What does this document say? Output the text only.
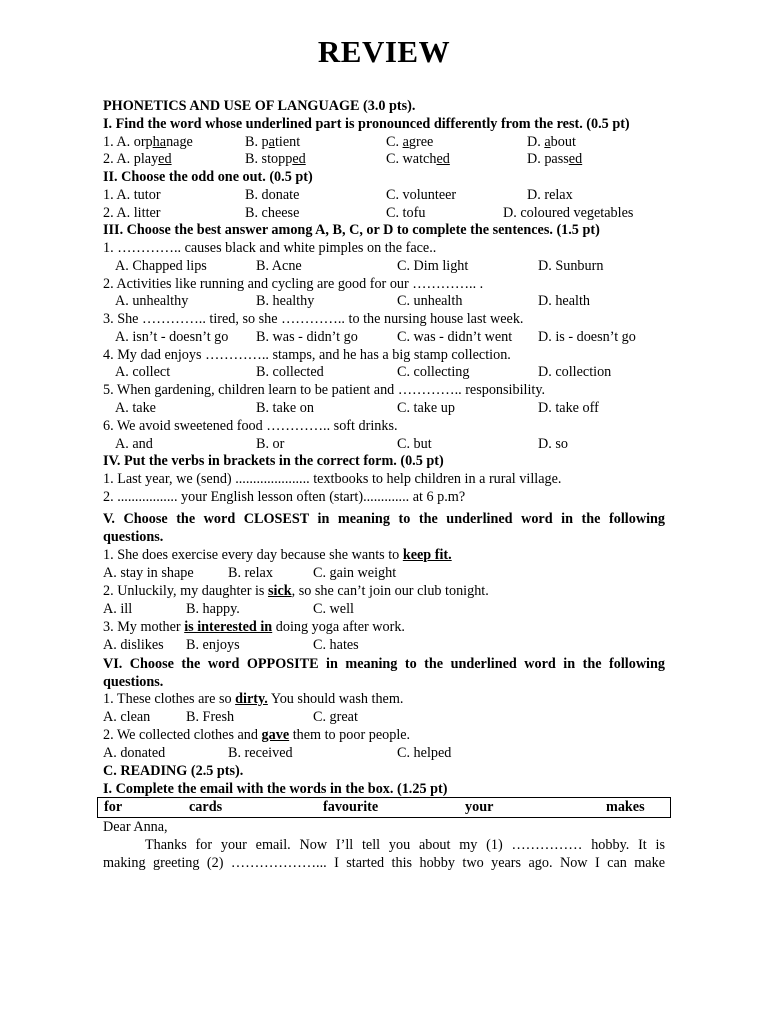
REVIEW
PHONETICS AND USE OF LANGUAGE (3.0 pts).
I. Find the word whose underlined part is pronounced differently from the rest. (0.5 pt)
1. A. orphanage	B. patient	C. agree	D. about
2. A. played	B. stopped	C. watched	D. passed
II. Choose the odd one out. (0.5 pt)
1. A. tutor	B. donate	C. volunteer	D. relax
2. A. litter	B. cheese	C. tofu	D. coloured vegetables
III. Choose the best answer among A, B, C, or D to complete the sentences. (1.5 pt)
1. ………….. causes black and white pimples on the face..
A. Chapped lips	B. Acne	C. Dim light	D. Sunburn
2. Activities like running and cycling are good for our ………….. .
A. unhealthy	B. healthy	C. unhealth	D. health
3. She ………….. tired, so she ………….. to the nursing house last week.
A. isn’t - doesn’t go B. was - didn’t go	C. was - didn’t went D. is - doesn’t go
4. My dad enjoys ………….. stamps, and he has a big stamp collection.
A. collect	B. collected	C. collecting	D. collection
5. When gardening, children learn to be patient and ………….. responsibility.
A. take	B. take on	C. take up	D. take off
6. We avoid sweetened food ………….. soft drinks.
A. and	B. or	C. but	D. so
IV. Put the verbs in brackets in the correct form. (0.5 pt)
1. Last year, we (send) ..................... textbooks to help children in a rural village.
2. ................. your English lesson often (start)............. at 6 p.m?
V. Choose the word CLOSEST in meaning to the underlined word in the following
questions.
1. She does exercise every day because she wants to keep fit.
A. stay in shape B. relax	C. gain weight
2. Unluckily, my daughter is sick, so she can’t join our club tonight.
A. ill	B. happy.	C. well
3. My mother is interested in doing yoga after work.
A. dislikes B. enjoys	C. hates
VI. Choose the word OPPOSITE in meaning to the underlined word in the following
questions.
1. These clothes are so dirty. You should wash them.
A. clean	B. Fresh	C. great
2. We collected clothes and gave them to poor people.
A. donated	B. received	C. helped
C. READING (2.5 pts).
I. Complete the email with the words in the box. (1.25 pt)
for	cards	favourite	your	makes
Dear Anna,
Thanks for your email. Now I’ll tell you about my (1) …………… hobby. It is
making greeting (2) ………………... I started this hobby two years ago. Now I can make
